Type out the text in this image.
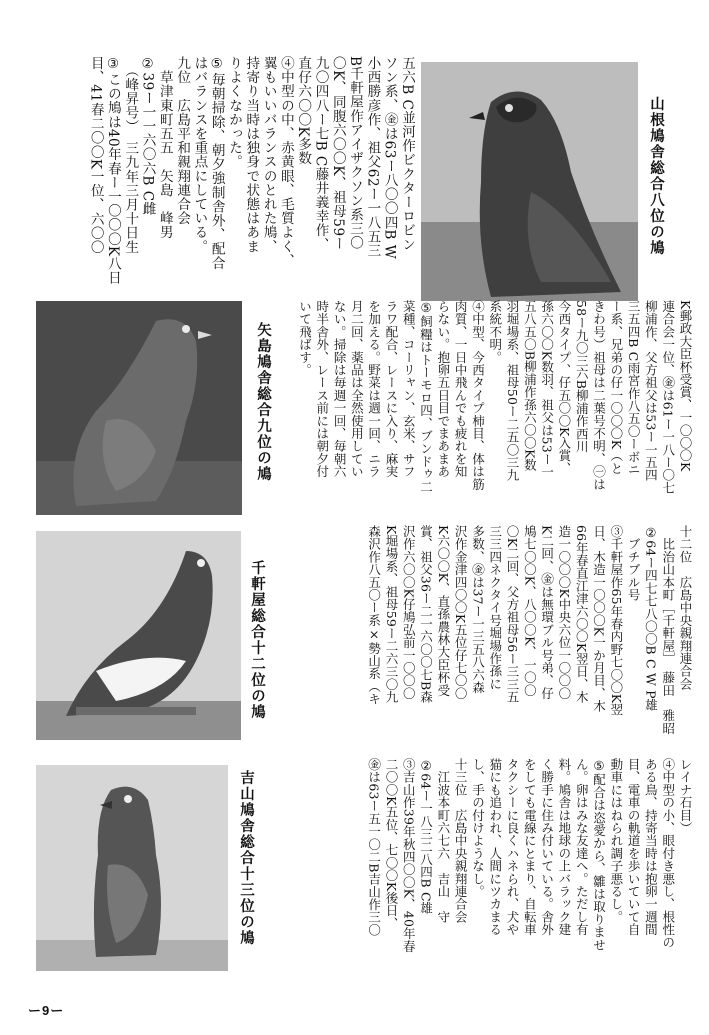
五六B C並河作ビクターロビン
ソン系、㊎は63ー八〇〇四B W
小西勝彦作、祖父62ー一八五三
B千軒屋作アイザクソン系三〇
〇K、同腹六〇〇K、祖母59ー
九〇四八ー七B C藤井義幸作、
直仔六〇〇K多数
④中型の中、赤黄眼、毛質よく、
翼もいいバランスのとれた鳩、
持寄り当時は独身で状態はあま
りよくなかった。
⑤毎朝掃除、朝夕強制舎外、配合
はバランスを重点にしている。
九位　広島平和親翔連合会
　草津東町五五　矢島　峰男
②39ー一一六〇六B C雌
　（峰昇号）　三九年三月十日生
③この鳩は40年春ー一〇〇〇K八日
目、41春二〇〇K一位、六〇〇	山根鳩舎総合八位の鳩
矢島鳩舎総合九位の鳩	K郵政大臣杯受賞、一〇〇〇K
連合会一位、㊎は61ー一八ー〇七
柳浦作、父方祖父は53ー一五四
三五四B C雨宮作八五〇ーボニ
ー系、兄弟の仔一〇〇〇K（と
きわ号）祖母は二葉号不明、㊀は
58ー九〇三六B柳浦作西川
今西タイプ、仔五〇〇K入賞、
孫六〇〇K数羽、祖父は53ー一
五八五〇B柳浦作孫六〇〇K数
羽堀場系、祖母50ー二五〇三九
系統不明。
④中型、今西タイプ柿目、体は筋
肉質、一日中飛んでも疲れを知
らない。抱卵五日目でまあまあ
⑤飼糧はトーモロ四、ブンドゥ二
菜種、コーリャン、玄米、サフ
ラワ配合、レースに入り、麻実
を加える。野菜は週一回、ニラ
月二回、薬品は全然使用してい
ない。掃除は毎週一回、毎朝六
時半舎外、レース前には朝夕付
いて飛ばす。
千軒屋総合十二位の鳩
十二位　広島中央親翔連合会
　比治山本町［千軒屋］　藤田　雅昭
②64ー四七七八〇〇B C W P雄
　ブチブル号
③千軒屋作65年春内野七〇〇K翌
日、木造一〇〇〇K一か月目、木
66年春直江津六〇〇K翌日、木
造一〇〇〇K中央六位一〇〇〇
K二回、㊎は無環ブル号弟、仔
鳩七〇〇K、八〇〇K、一〇〇
〇K二回、父方祖母56ー三三五
三三四ネクタイ号堀場作孫に
多数、㊎は37ー一三五八六森
沢作金津四〇〇K五位仔七〇〇
K六〇〇K、直孫農林大臣杯受
賞、祖父36ー二一六〇〇七B森
沢作六〇〇K仔鳩弘前一〇〇〇
K堀場系、祖母59ー二六三〇九
森沢作八五〇ー系×勢山系（キ
吉山鳩舎総合十三位の鳩	レイナ石目）
④中型の小、眼付き悪し、根性の
ある鳥、持寄当時は抱卵一週間
目、電車の軌道を歩いていて自
動車にはねられ調子悪るし。
⑤配合は恣愛から、雛は取りませ
ん。卵はみな友達へ。ただし有
料。鳩舎は地球の上バラック建
く勝手に住み付いている。舎外
をしても電線にとまり、自転車
タクシーに良くハネられ、犬や
猫にも追われ、人間にツカまる
し、手の付けようなし。
十三位　広島中央親翔連合会
　江波本町六七六　吉山　守
②64ー一八三二八四B C雄
③吉山作39年秋四〇〇K、40年春
二〇〇K五位、七〇〇K後日、
㊎は63ー五一〇二B吉山作三〇
ー9ー
